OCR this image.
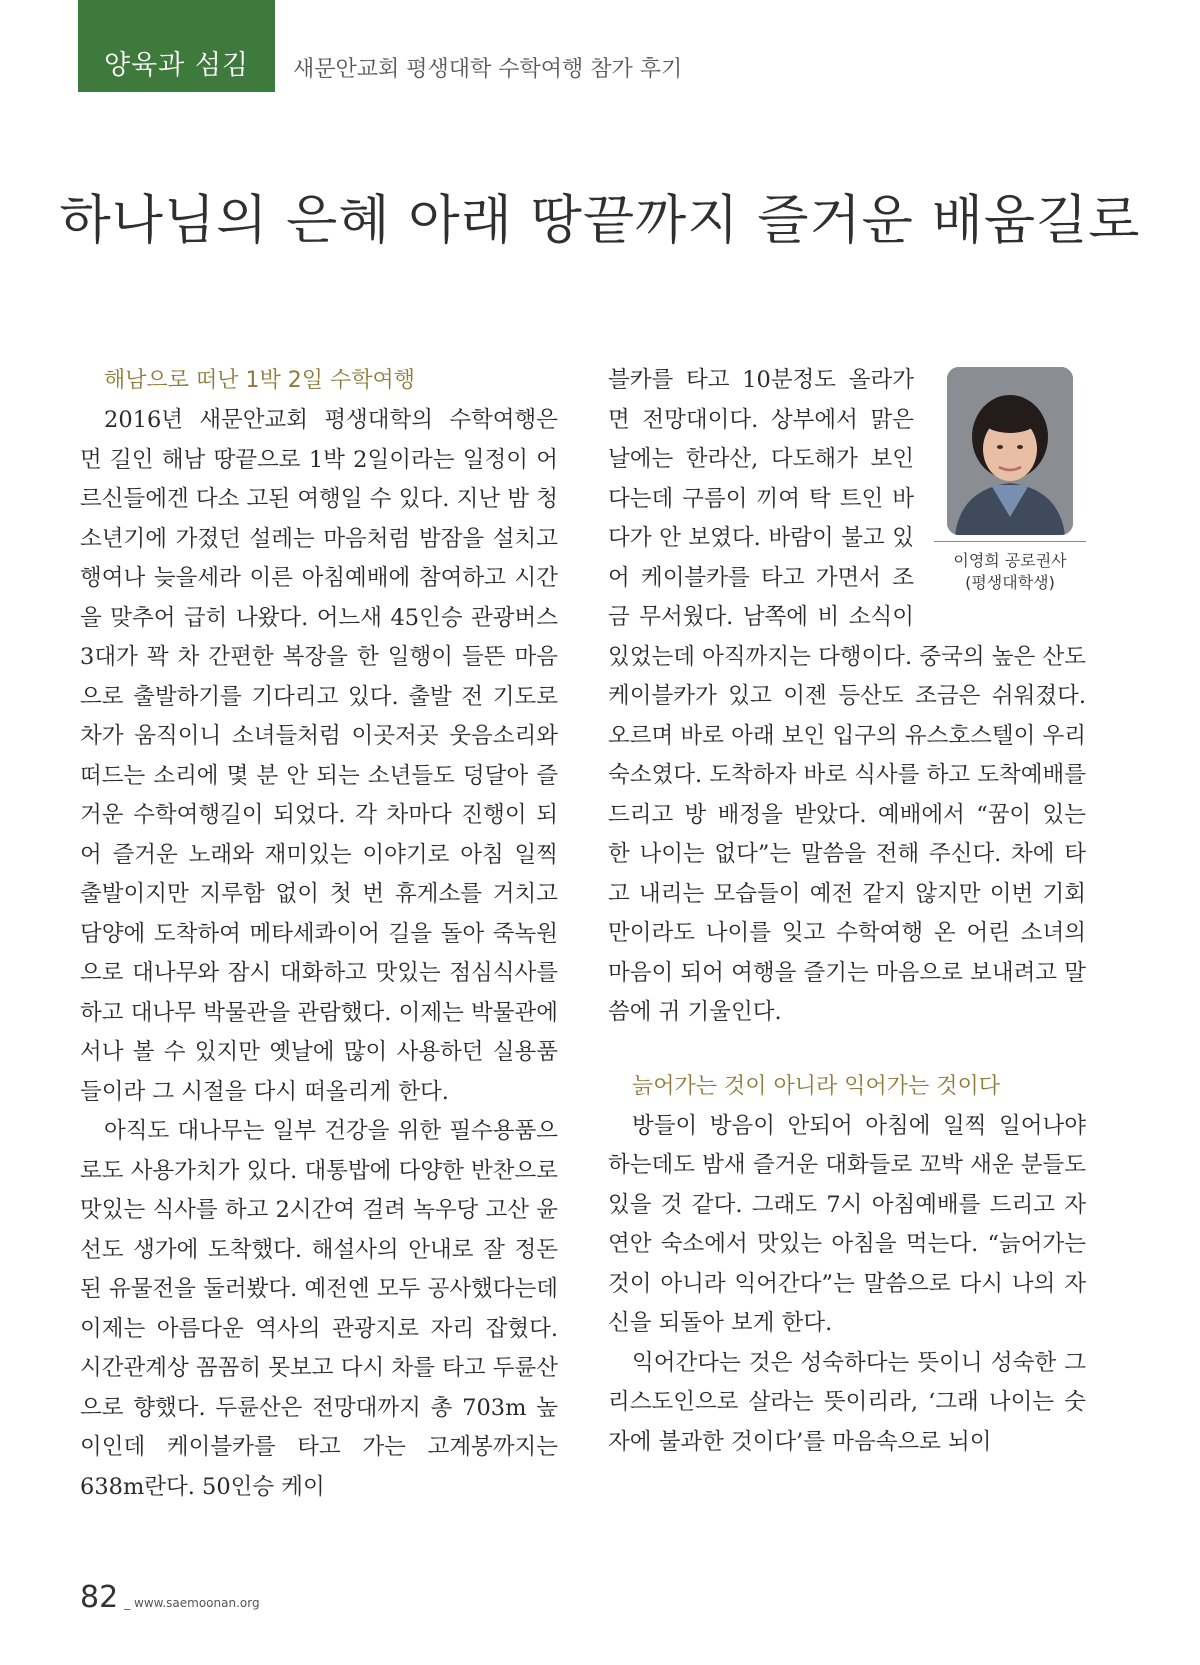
양육과 섬김 새문안교회 평생대학 수학여행 참가 후기
하나님의 은혜 아래 땅끝까지 즐거운 배움길로
해남으로 떠난 1박 2일 수학여행

2016년 새문안교회 평생대학의 수학여행은 먼 길인 해남 땅끝으로 1박 2일이라는 일정이 어르신들에겐 다소 고된 여행일 수 있다. 지난 밤 청소년기에 가졌던 설레는 마음처럼 밤잠을 설치고 행여나 늦을세라 이른 아침예배에 참여하고 시간을 맞추어 급히 나왔다. 어느새 45인승 관광버스 3대가 꽉 차 간편한 복장을 한 일행이 들뜬 마음으로 출발하기를 기다리고 있다. 출발 전 기도로 차가 움직이니 소녀들처럼 이곳저곳 웃음소리와 떠드는 소리에 몇 분 안 되는 소년들도 덩달아 즐거운 수학여행길이 되었다. 각 차마다 진행이 되어 즐거운 노래와 재미있는 이야기로 아침 일찍 출발이지만 지루함 없이 첫 번 휴게소를 거치고 담양에 도착하여 메타세콰이어 길을 돌아 죽녹원으로 대나무와 잠시 대화하고 맛있는 점심식사를 하고 대나무 박물관을 관람했다. 이제는 박물관에서나 볼 수 있지만 옛날에 많이 사용하던 실용품들이라 그 시절을 다시 떠올리게 한다.

아직도 대나무는 일부 건강을 위한 필수용품으로도 사용가치가 있다. 대통밥에 다양한 반찬으로 맛있는 식사를 하고 2시간여 걸려 녹우당 고산 윤선도 생가에 도착했다. 해설사의 안내로 잘 정돈된 유물전을 둘러봤다. 예전엔 모두 공사했다는데 이제는 아름다운 역사의 관광지로 자리 잡혔다. 시간관계상 꼼꼼히 못보고 다시 차를 타고 두륜산으로 향했다. 두륜산은 전망대까지 총 703m 높이인데 케이블카를 타고 가는 고계봉까지는 638m란다. 50인승 케이

이영희 공로권사
(평생대학생)

블카를 타고 10분정도 올라가면 전망대이다. 상부에서 맑은 날에는 한라산, 다도해가 보인다는데 구름이 끼여 탁 트인 바다가 안 보였다. 바람이 불고 있어 케이블카를 타고 가면서 조금 무서웠다. 남쪽에 비 소식이 있었는데 아직까지는 다행이다. 중국의 높은 산도 케이블카가 있고 이젠 등산도 조금은 쉬워졌다. 오르며 바로 아래 보인 입구의 유스호스텔이 우리 숙소였다. 도착하자 바로 식사를 하고 도착예배를 드리고 방 배정을 받았다. 예배에서 “꿈이 있는 한 나이는 없다”는 말씀을 전해 주신다. 차에 타고 내리는 모습들이 예전 같지 않지만 이번 기회 만이라도 나이를 잊고 수학여행 온 어린 소녀의 마음이 되어 여행을 즐기는 마음으로 보내려고 말씀에 귀 기울인다.

늙어가는 것이 아니라 익어가는 것이다

방들이 방음이 안되어 아침에 일찍 일어나야 하는데도 밤새 즐거운 대화들로 꼬박 새운 분들도 있을 것 같다. 그래도 7시 아침예배를 드리고 자연안 숙소에서 맛있는 아침을 먹는다. “늙어가는 것이 아니라 익어간다”는 말씀으로 다시 나의 자신을 되돌아 보게 한다.

익어간다는 것은 성숙하다는 뜻이니 성숙한 그리스도인으로 살라는 뜻이리라, ‘그래 나이는 숫자에 불과한 것이다’를 마음속으로 뇌이

82 _ www.saemoonan.org
